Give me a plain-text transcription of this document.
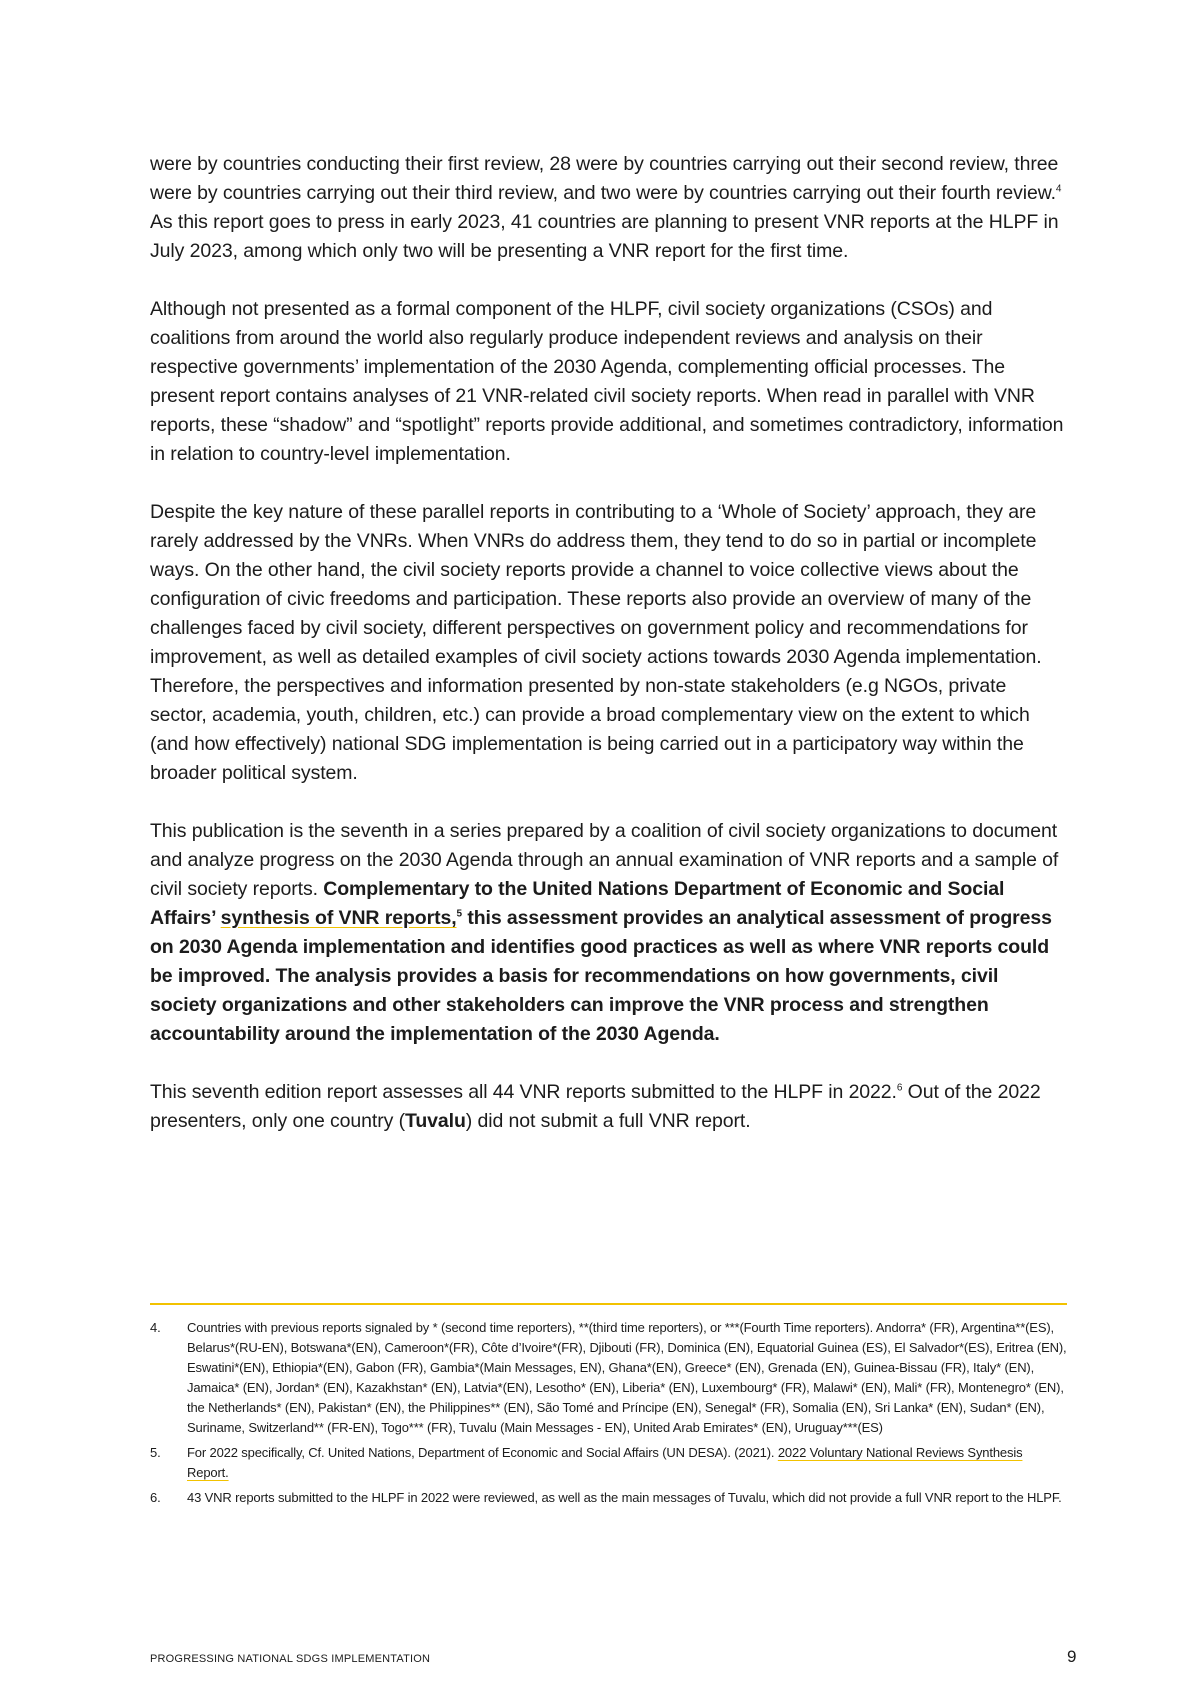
were by countries conducting their first review, 28 were by countries carrying out their second review, three were by countries carrying out their third review, and two were by countries carrying out their fourth review.$^4$ As this report goes to press in early 2023, 41 countries are planning to present VNR reports at the HLPF in July 2023, among which only two will be presenting a VNR report for the first time.

Although not presented as a formal component of the HLPF, civil society organizations (CSOs) and coalitions from around the world also regularly produce independent reviews and analysis on their respective governments’ implementation of the 2030 Agenda, complementing official processes. The present report contains analyses of 21 VNR-related civil society reports. When read in parallel with VNR reports, these “shadow” and “spotlight” reports provide additional, and sometimes contradictory, information in relation to country-level implementation.

Despite the key nature of these parallel reports in contributing to a ‘Whole of Society’ approach, they are rarely addressed by the VNRs. When VNRs do address them, they tend to do so in partial or incomplete ways. On the other hand, the civil society reports provide a channel to voice collective views about the configuration of civic freedoms and participation. These reports also provide an overview of many of the challenges faced by civil society, different perspectives on government policy and recommendations for improvement, as well as detailed examples of civil society actions towards 2030 Agenda implementation. Therefore, the perspectives and information presented by non-state stakeholders (e.g NGOs, private sector, academia, youth, children, etc.) can provide a broad complementary view on the extent to which (and how effectively) national SDG implementation is being carried out in a participatory way within the broader political system.

This publication is the seventh in a series prepared by a coalition of civil society organizations to document and analyze progress on the 2030 Agenda through an annual examination of VNR reports and a sample of civil society reports. Complementary to the United Nations Department of Economic and Social Affairs’ synthesis of VNR reports,$^5$ this assessment provides an analytical assessment of progress on 2030 Agenda implementation and identifies good practices as well as where VNR reports could be improved. The analysis provides a basis for recommendations on how governments, civil society organizations and other stakeholders can improve the VNR process and strengthen accountability around the implementation of the 2030 Agenda.

This seventh edition report assesses all 44 VNR reports submitted to the HLPF in 2022.$^6$ Out of the 2022 presenters, only one country (Tuvalu) did not submit a full VNR report.

4.	Countries with previous reports signaled by * (second time reporters), **(third time reporters), or ***(Fourth Time reporters). Andorra* (FR), Argentina**(ES), Belarus*(RU-EN), Botswana*(EN), Cameroon*(FR), Côte d’Ivoire*(FR), Djibouti (FR), Dominica (EN), Equatorial Guinea (ES), El Salvador*(ES), Eritrea (EN), Eswatini*(EN), Ethiopia*(EN), Gabon (FR), Gambia*(Main Messages, EN), Ghana*(EN), Greece* (EN), Grenada (EN), Guinea-Bissau (FR), Italy* (EN), Jamaica* (EN), Jordan* (EN), Kazakhstan* (EN), Latvia*(EN), Lesotho* (EN), Liberia* (EN), Luxembourg* (FR), Malawi* (EN), Mali* (FR), Montenegro* (EN), the Netherlands* (EN), Pakistan* (EN), the Philippines** (EN), São Tomé and Príncipe (EN), Senegal* (FR), Somalia (EN), Sri Lanka* (EN), Sudan* (EN), Suriname, Switzerland** (FR-EN), Togo*** (FR), Tuvalu (Main Messages - EN), United Arab Emirates* (EN), Uruguay***(ES)
5.	For 2022 specifically, Cf. United Nations, Department of Economic and Social Affairs (UN DESA). (2021). 2022 Voluntary National Reviews Synthesis Report.
6.	43 VNR reports submitted to the HLPF in 2022 were reviewed, as well as the main messages of Tuvalu, which did not provide a full VNR report to the HLPF.
PROGRESSING NATIONAL SDGS IMPLEMENTATION	9
